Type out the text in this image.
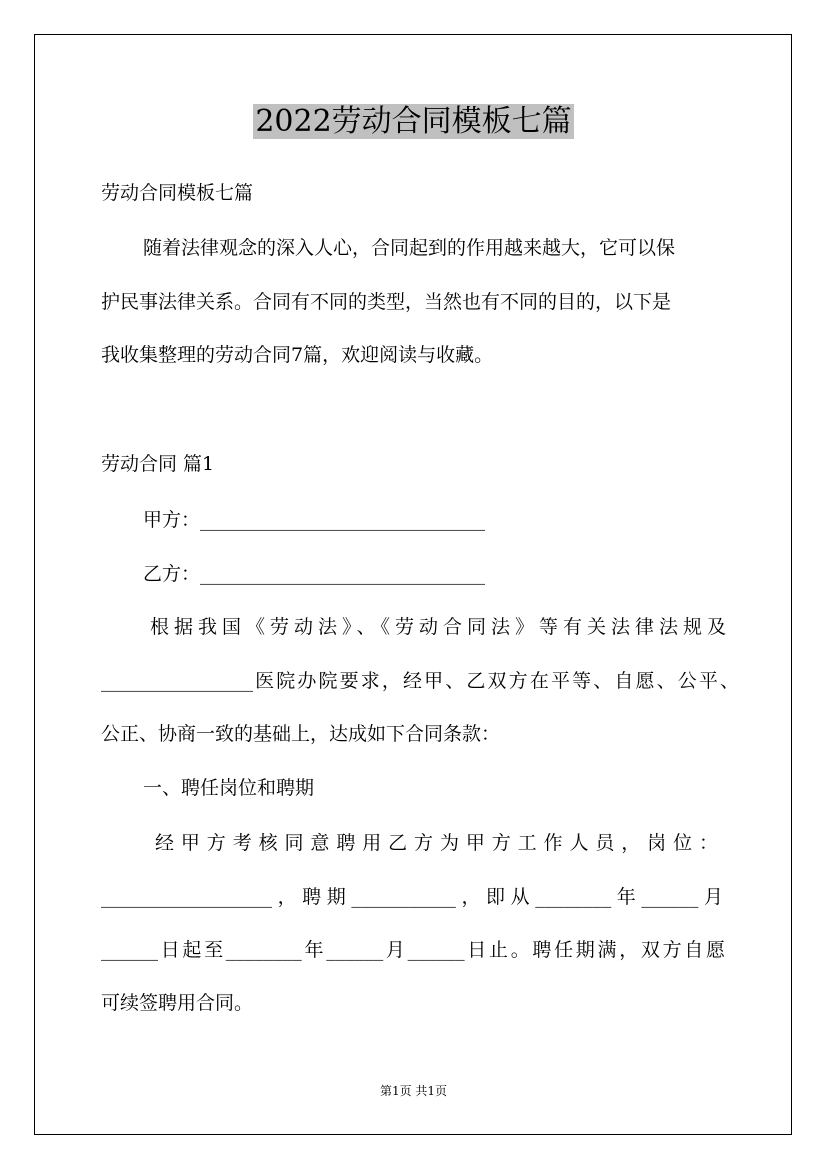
2022劳动合同模板七篇
劳动合同模板七篇
随着法律观念的深入人心，合同起到的作用越来越大，它可以保
护民事法律关系。合同有不同的类型，当然也有不同的目的，以下是
我收集整理的劳动合同7篇，欢迎阅读与收藏。
劳动合同 篇1
甲方：______________________________
乙方：______________________________
根据我国《劳动法》、《劳动合同法》等有关法律法规及
________________医院办院要求，经甲、乙双方在平等、自愿、公平、
公正、协商一致的基础上，达成如下合同条款：
一、聘任岗位和聘期
经甲方考核同意聘用乙方为甲方工作人员，岗位：
__________________，聘期___________，即从________年______月
______日起至________年______月______日止。聘任期满，双方自愿
可续签聘用合同。
第1页 共1页
